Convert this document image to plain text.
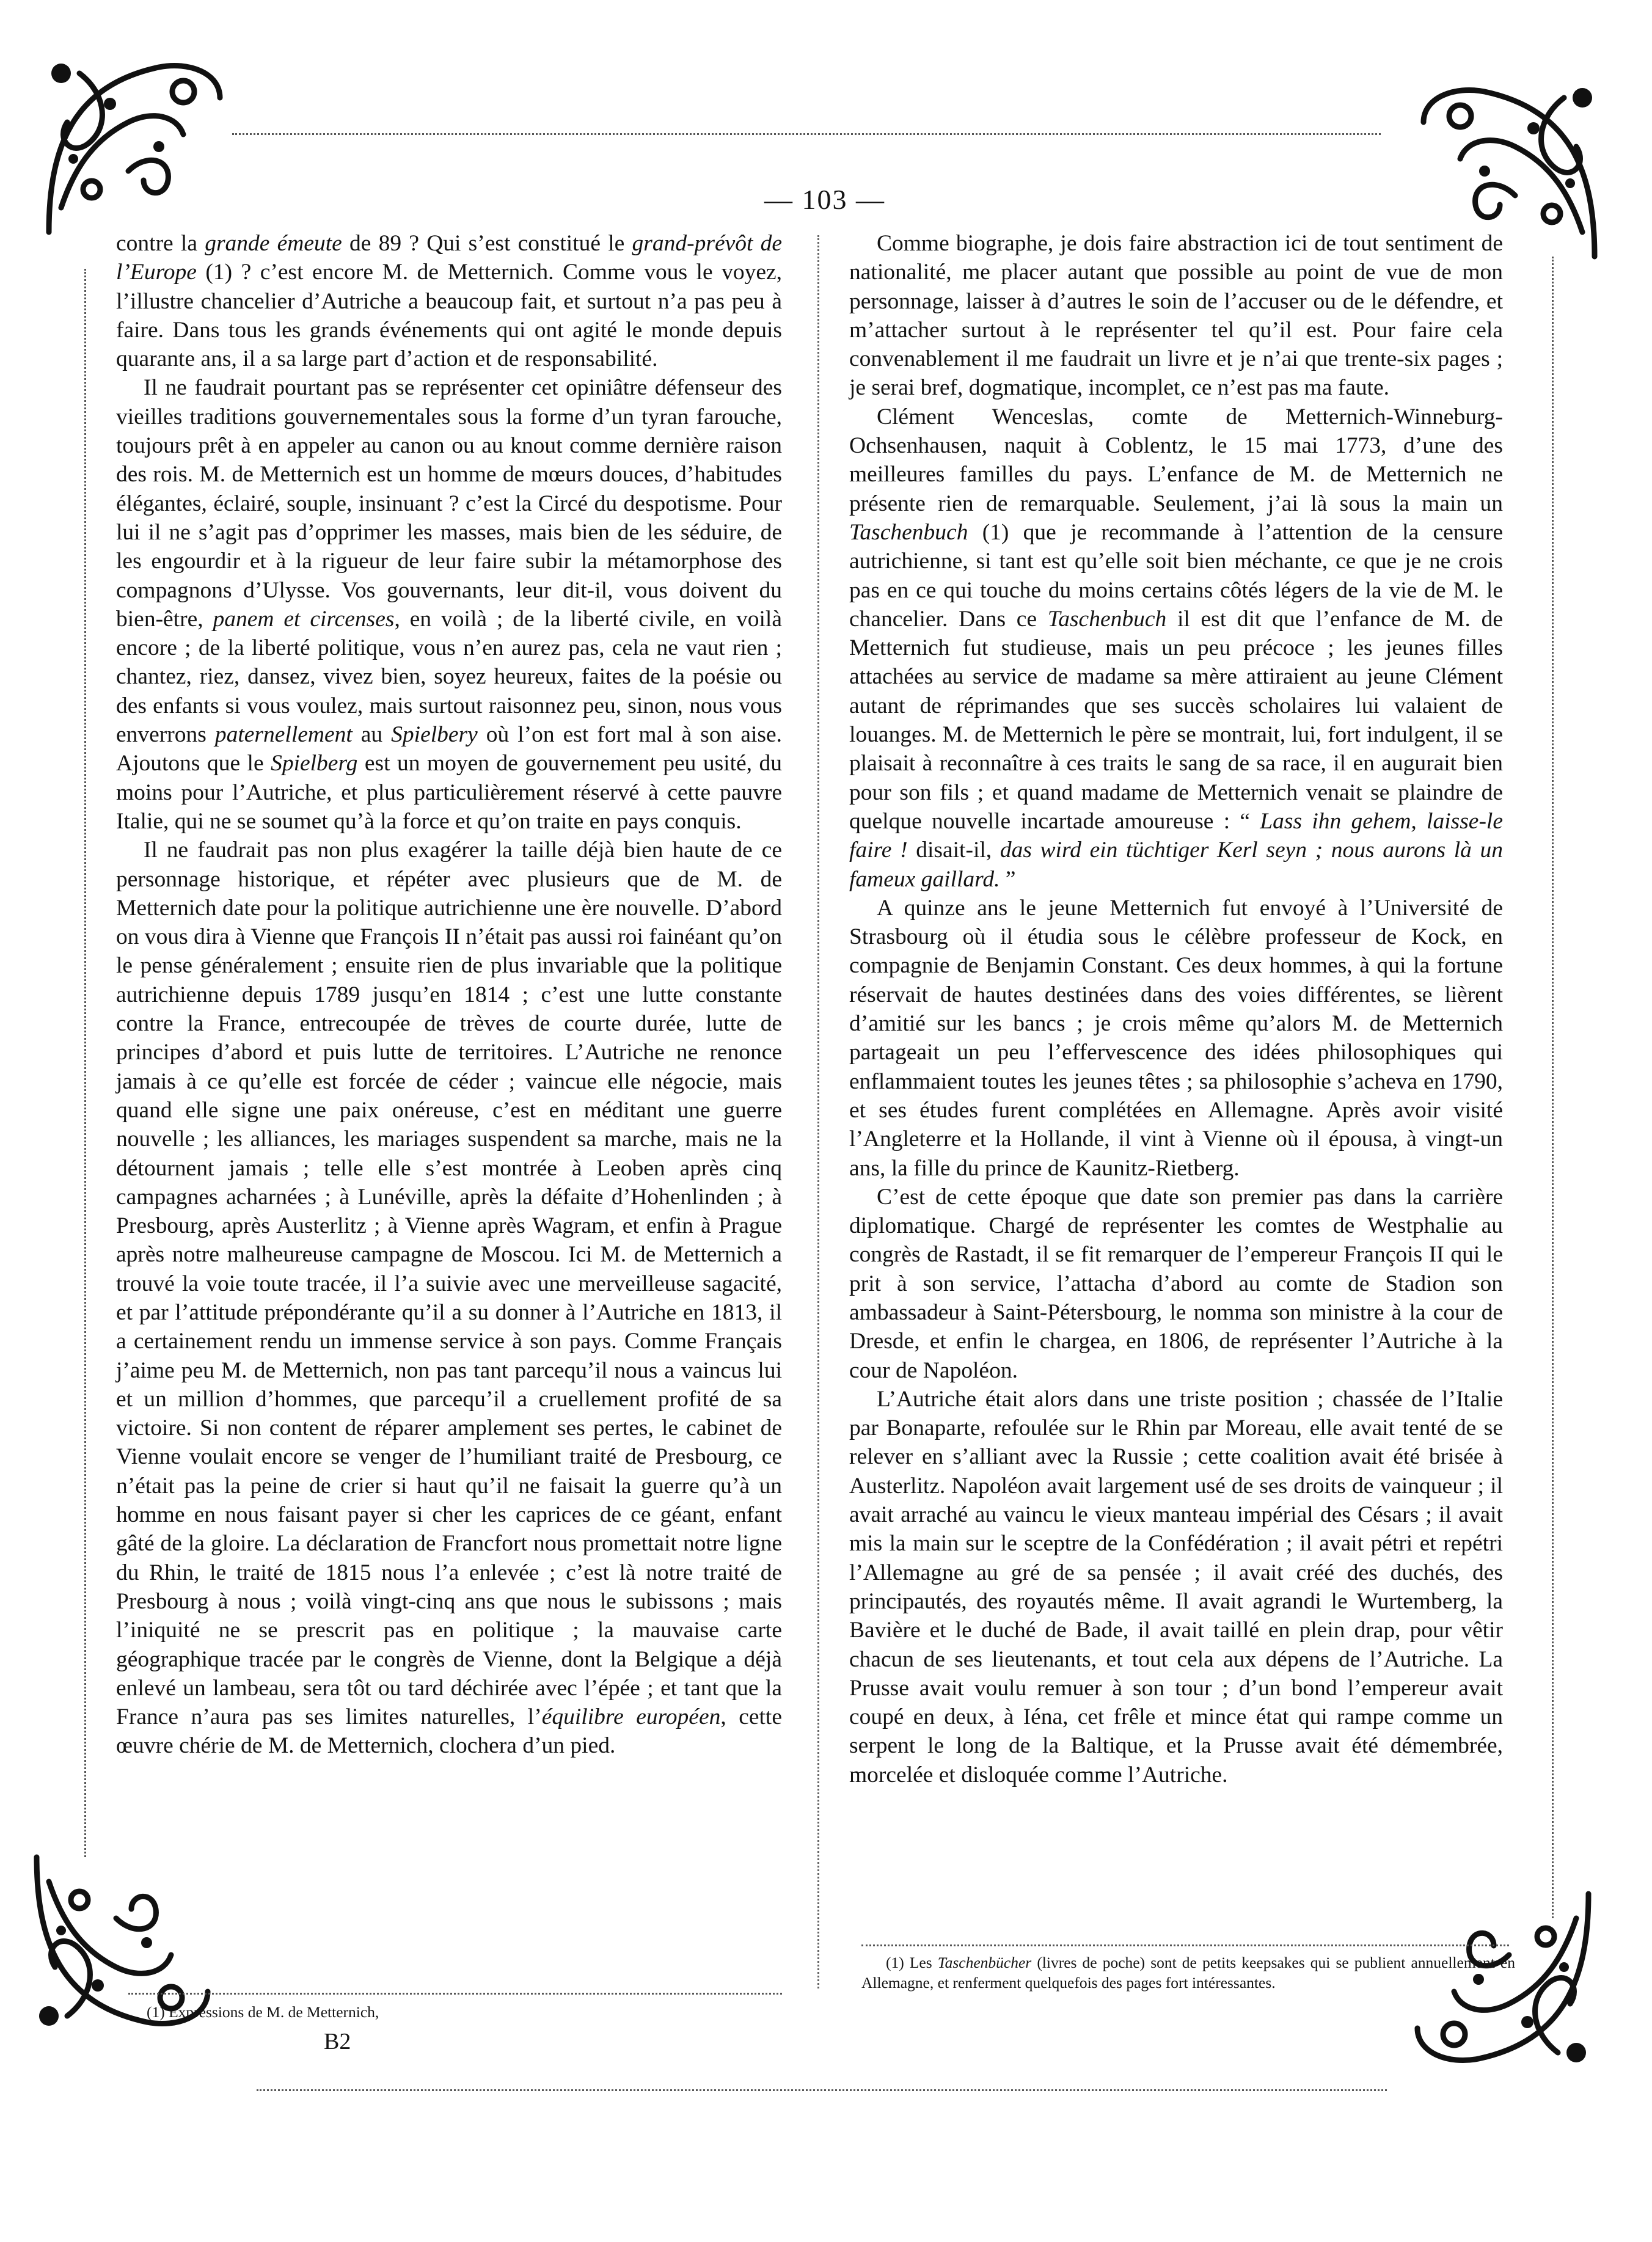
— 103 —

contre la grande émeute de 89 ? Qui s’est constitué le grand-prévôt de l’Europe (1) ? c’est encore M. de Metternich. Comme vous le voyez, l’illustre chancelier d’Autriche a beaucoup fait, et surtout n’a pas peu à faire. Dans tous les grands événements qui ont agité le monde depuis quarante ans, il a sa large part d’action et de responsabilité.

Il ne faudrait pourtant pas se représenter cet opiniâtre défenseur des vieilles traditions gouvernementales sous la forme d’un tyran farouche, toujours prêt à en appeler au canon ou au knout comme dernière raison des rois. M. de Metternich est un homme de mœurs douces, d’habitudes élégantes, éclairé, souple, insinuant ? c’est la Circé du despotisme. Pour lui il ne s’agit pas d’opprimer les masses, mais bien de les séduire, de les engourdir et à la rigueur de leur faire subir la métamorphose des compagnons d’Ulysse. Vos gouvernants, leur dit-il, vous doivent du bien-être, panem et circenses, en voilà ; de la liberté civile, en voilà encore ; de la liberté politique, vous n’en aurez pas, cela ne vaut rien ; chantez, riez, dansez, vivez bien, soyez heureux, faites de la poésie ou des enfants si vous voulez, mais surtout raisonnez peu, sinon, nous vous enverrons paternellement au Spielbery où l’on est fort mal à son aise. Ajoutons que le Spielberg est un moyen de gouvernement peu usité, du moins pour l’Autriche, et plus particulièrement réservé à cette pauvre Italie, qui ne se soumet qu’à la force et qu’on traite en pays conquis.

Il ne faudrait pas non plus exagérer la taille déjà bien haute de ce personnage historique, et répéter avec plusieurs que de M. de Metternich date pour la politique autrichienne une ère nouvelle. D’abord on vous dira à Vienne que François II n’était pas aussi roi fainéant qu’on le pense généralement ; ensuite rien de plus invariable que la politique autrichienne depuis 1789 jusqu’en 1814 ; c’est une lutte constante contre la France, entrecoupée de trèves de courte durée, lutte de principes d’abord et puis lutte de territoires. L’Autriche ne renonce jamais à ce qu’elle est forcée de céder ; vaincue elle négocie, mais quand elle signe une paix onéreuse, c’est en méditant une guerre nouvelle ; les alliances, les mariages suspendent sa marche, mais ne la détournent jamais ; telle elle s’est montrée à Leoben après cinq campagnes acharnées ; à Lunéville, après la défaite d’Hohenlinden ; à Presbourg, après Austerlitz ; à Vienne après Wagram, et enfin à Prague après notre malheureuse campagne de Moscou. Ici M. de Metternich a trouvé la voie toute tracée, il l’a suivie avec une merveilleuse sagacité, et par l’attitude prépondérante qu’il a su donner à l’Autriche en 1813, il a certainement rendu un immense service à son pays. Comme Français j’aime peu M. de Metternich, non pas tant parcequ’il nous a vaincus lui et un million d’hommes, que parcequ’il a cruellement profité de sa victoire. Si non content de réparer amplement ses pertes, le cabinet de Vienne voulait encore se venger de l’humiliant traité de Presbourg, ce n’était pas la peine de crier si haut qu’il ne faisait la guerre qu’à un homme en nous faisant payer si cher les caprices de ce géant, enfant gâté de la gloire. La déclaration de Francfort nous promettait notre ligne du Rhin, le traité de 1815 nous l’a enlevée ; c’est là notre traité de Presbourg à nous ; voilà vingt-cinq ans que nous le subissons ; mais l’iniquité ne se prescrit pas en politique ; la mauvaise carte géographique tracée par le congrès de Vienne, dont la Belgique a déjà enlevé un lambeau, sera tôt ou tard déchirée avec l’épée ; et tant que la France n’aura pas ses limites naturelles, l’équilibre européen, cette œuvre chérie de M. de Metternich, clochera d’un pied.

Comme biographe, je dois faire abstraction ici de tout sentiment de nationalité, me placer autant que possible au point de vue de mon personnage, laisser à d’autres le soin de l’accuser ou de le défendre, et m’attacher surtout à le représenter tel qu’il est. Pour faire cela convenablement il me faudrait un livre et je n’ai que trente-six pages ; je serai bref, dogmatique, incomplet, ce n’est pas ma faute.

Clément Wenceslas, comte de Metternich-Winneburg-Ochsenhausen, naquit à Coblentz, le 15 mai 1773, d’une des meilleures familles du pays. L’enfance de M. de Metternich ne présente rien de remarquable. Seulement, j’ai là sous la main un Taschenbuch (1) que je recommande à l’attention de la censure autrichienne, si tant est qu’elle soit bien méchante, ce que je ne crois pas en ce qui touche du moins certains côtés légers de la vie de M. le chancelier. Dans ce Taschenbuch il est dit que l’enfance de M. de Metternich fut studieuse, mais un peu précoce ; les jeunes filles attachées au service de madame sa mère attiraient au jeune Clément autant de réprimandes que ses succès scholaires lui valaient de louanges. M. de Metternich le père se montrait, lui, fort indulgent, il se plaisait à reconnaître à ces traits le sang de sa race, il en augurait bien pour son fils ; et quand madame de Metternich venait se plaindre de quelque nouvelle incartade amoureuse : “ Lass ihn gehem, laisse-le faire ! disait-il, das wird ein tüchtiger Kerl seyn ; nous aurons là un fameux gaillard. ”

A quinze ans le jeune Metternich fut envoyé à l’Université de Strasbourg où il étudia sous le célèbre professeur de Kock, en compagnie de Benjamin Constant. Ces deux hommes, à qui la fortune réservait de hautes destinées dans des voies différentes, se lièrent d’amitié sur les bancs ; je crois même qu’alors M. de Metternich partageait un peu l’effervescence des idées philosophiques qui enflammaient toutes les jeunes têtes ; sa philosophie s’acheva en 1790, et ses études furent complétées en Allemagne. Après avoir visité l’Angleterre et la Hollande, il vint à Vienne où il épousa, à vingt-un ans, la fille du prince de Kaunitz-Rietberg.

C’est de cette époque que date son premier pas dans la carrière diplomatique. Chargé de représenter les comtes de Westphalie au congrès de Rastadt, il se fit remarquer de l’empereur François II qui le prit à son service, l’attacha d’abord au comte de Stadion son ambassadeur à Saint-Pétersbourg, le nomma son ministre à la cour de Dresde, et enfin le chargea, en 1806, de représenter l’Autriche à la cour de Napoléon.

L’Autriche était alors dans une triste position ; chassée de l’Italie par Bonaparte, refoulée sur le Rhin par Moreau, elle avait tenté de se relever en s’alliant avec la Russie ; cette coalition avait été brisée à Austerlitz. Napoléon avait largement usé de ses droits de vainqueur ; il avait arraché au vaincu le vieux manteau impérial des Césars ; il avait mis la main sur le sceptre de la Confédération ; il avait pétri et repétri l’Allemagne au gré de sa pensée ; il avait créé des duchés, des principautés, des royautés même. Il avait agrandi le Wurtemberg, la Bavière et le duché de Bade, il avait taillé en plein drap, pour vêtir chacun de ses lieutenants, et tout cela aux dépens de l’Autriche. La Prusse avait voulu remuer à son tour ; d’un bond l’empereur avait coupé en deux, à Iéna, cet frêle et mince état qui rampe comme un serpent le long de la Baltique, et la Prusse avait été démembrée, morcelée et disloquée comme l’Autriche.

(1) Expressions de M. de Metternich,
B2
(1) Les Taschenbücher (livres de poche) sont de petits keepsakes qui se publient annuellement en Allemagne, et renferment quelquefois des pages fort intéressantes.
